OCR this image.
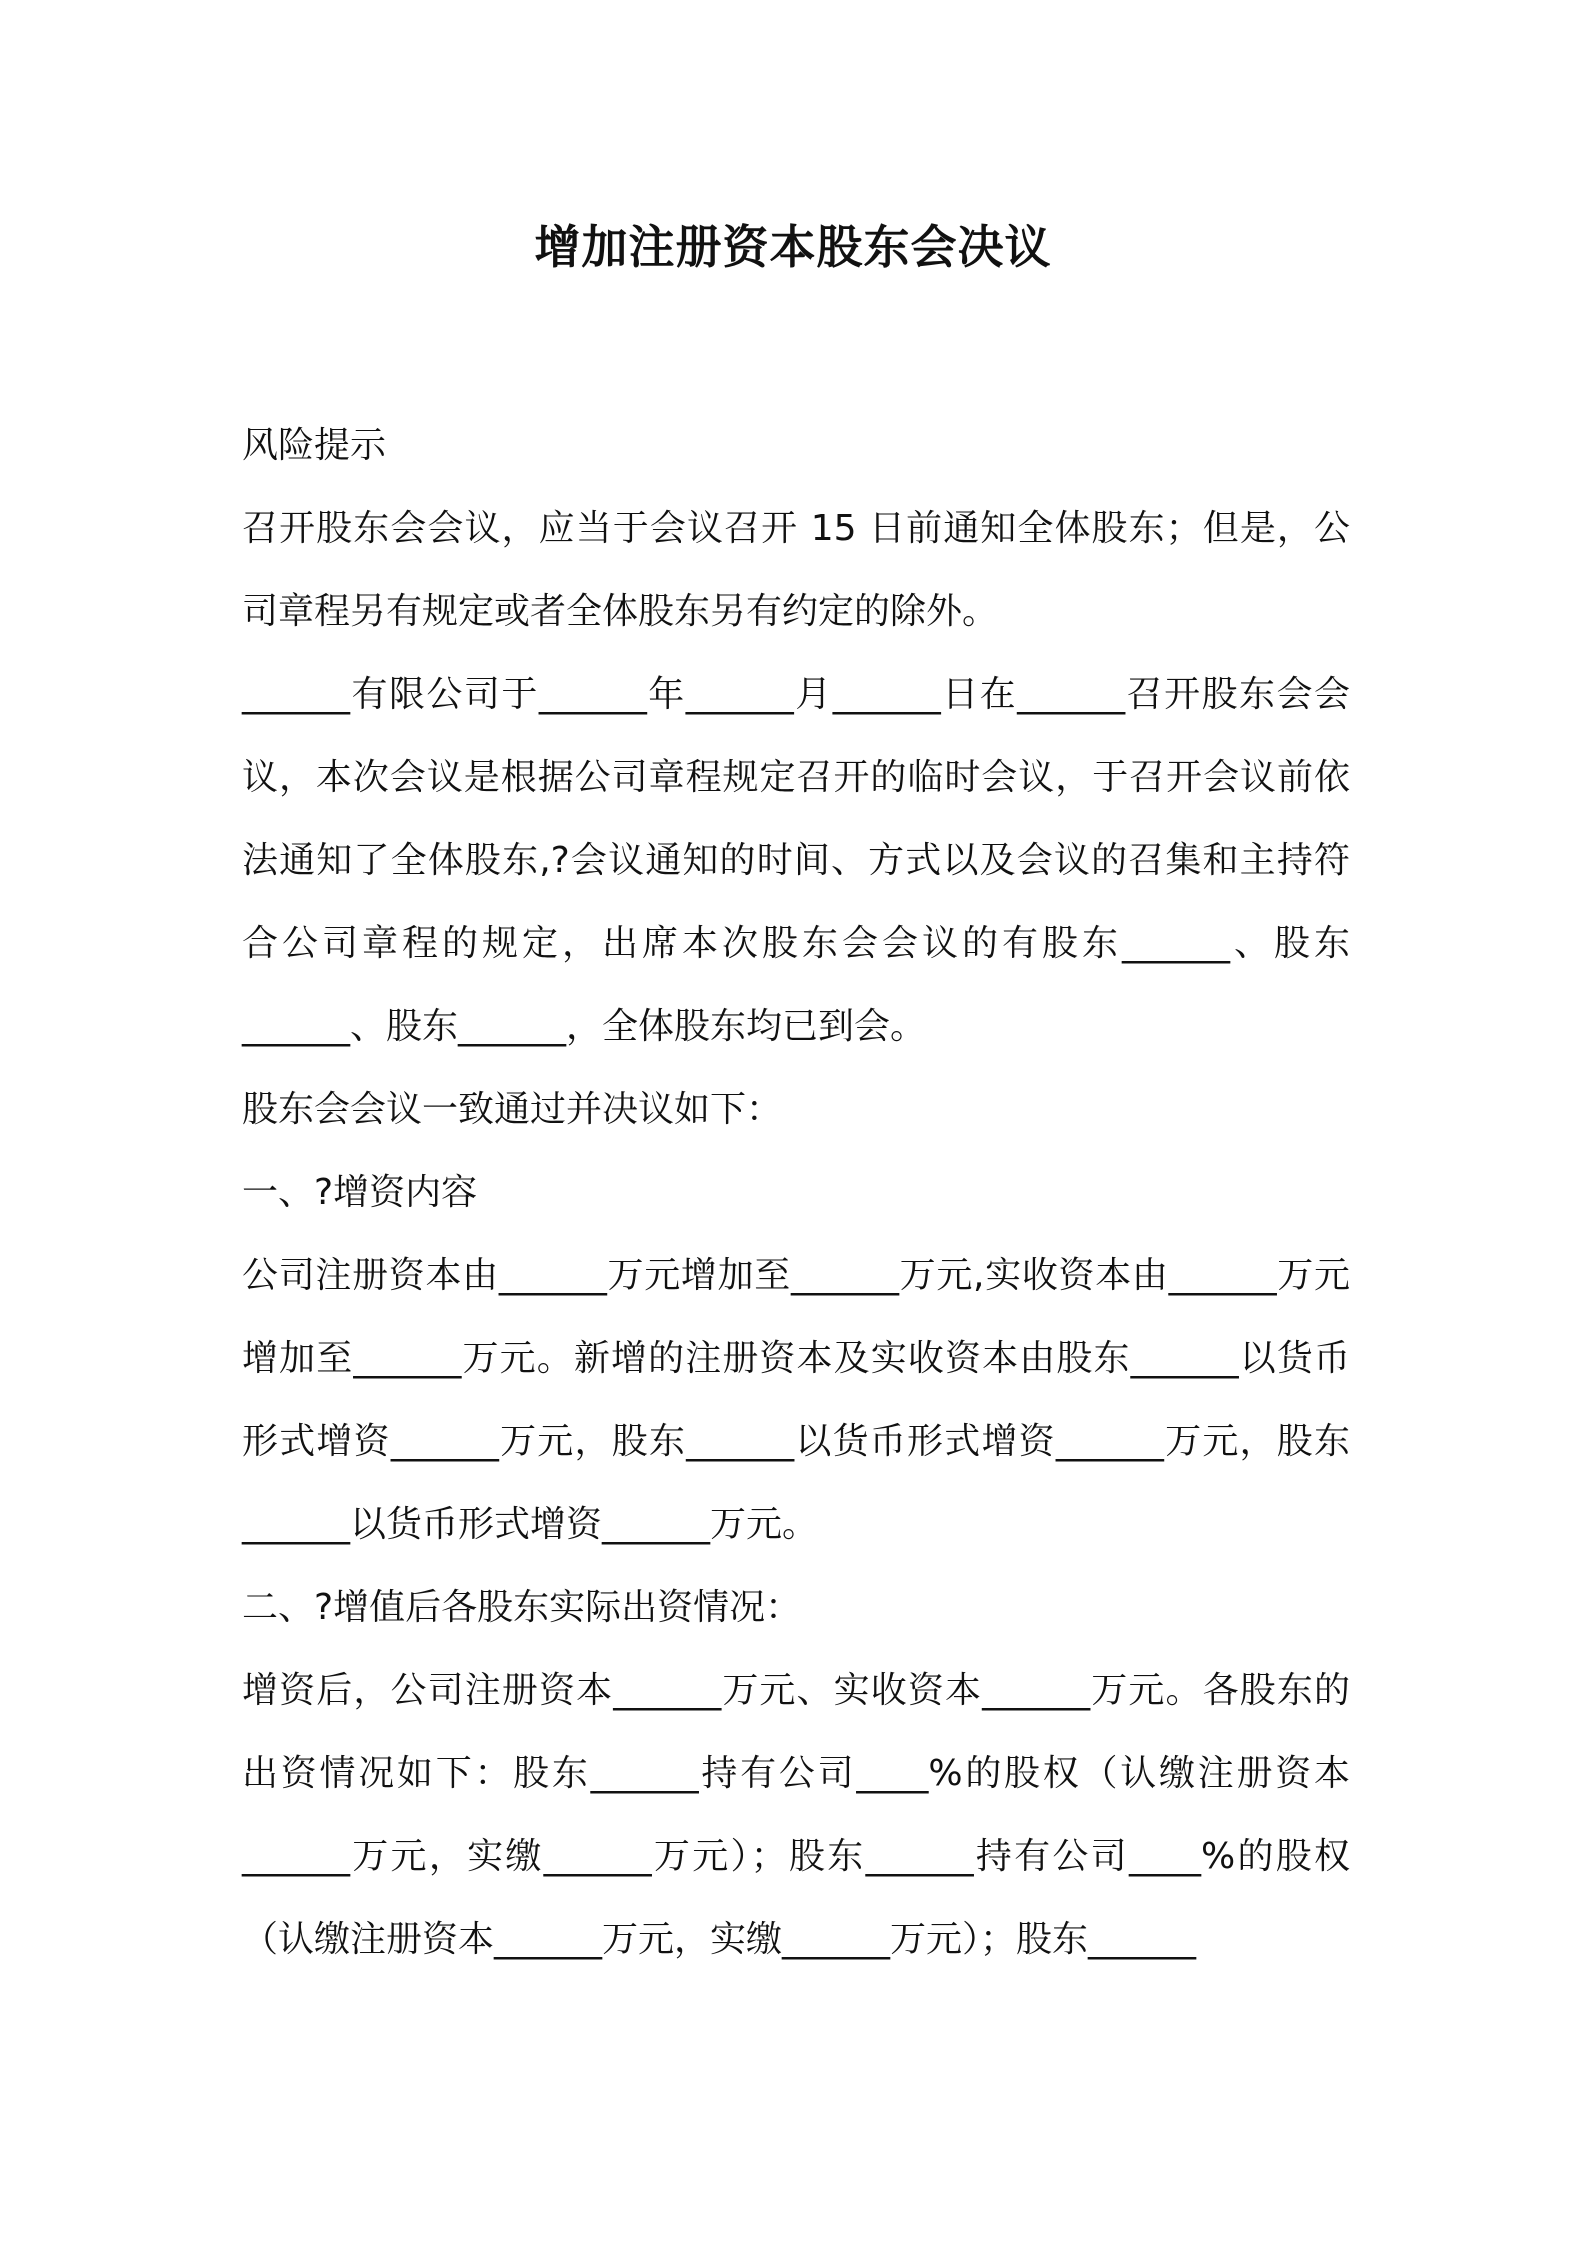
增加注册资本股东会决议

风险提示

召开股东会会议，应当于会议召开 15 日前通知全体股东；但是，公司章程另有规定或者全体股东另有约定的除外。

______有限公司于______年______月______日在______召开股东会会议，本次会议是根据公司章程规定召开的临时会议，于召开会议前依法通知了全体股东,?会议通知的时间、方式以及会议的召集和主持符合公司章程的规定，出席本次股东会会议的有股东______、股东______、股东______，全体股东均已到会。

股东会会议一致通过并决议如下：

一、?增资内容

公司注册资本由______万元增加至______万元,实收资本由______万元增加至______万元。新增的注册资本及实收资本由股东______以货币形式增资______万元，股东______以货币形式增资______万元，股东______以货币形式增资______万元。

二、?增值后各股东实际出资情况：

增资后，公司注册资本______万元、实收资本______万元。各股东的出资情况如下：股东______持有公司____%的股权（认缴注册资本______万元，实缴______万元）；股东______持有公司____%的股权（认缴注册资本______万元，实缴______万元）；股东______
